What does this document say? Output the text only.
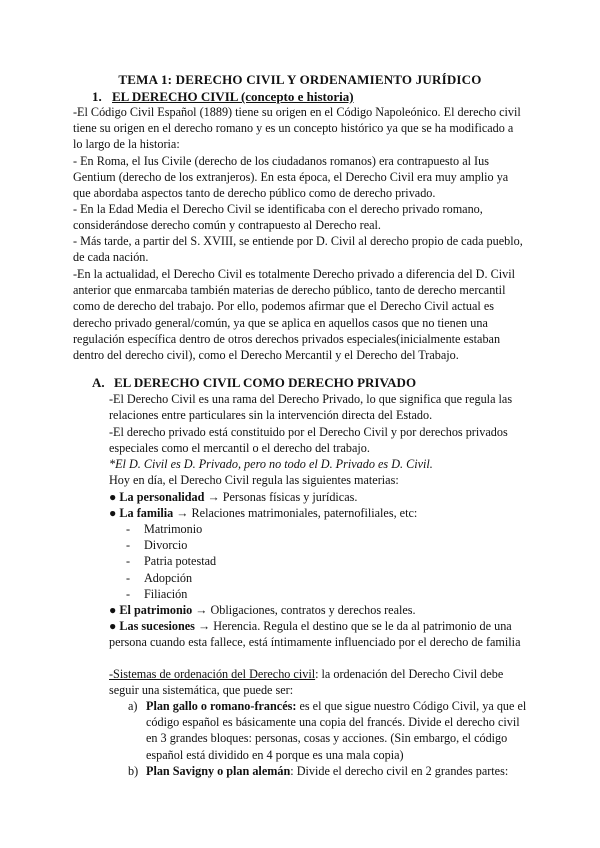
TEMA 1: DERECHO CIVIL Y ORDENAMIENTO JURÍDICO
1. EL DERECHO CIVIL (concepto e historia)
-El Código Civil Español (1889) tiene su origen en el Código Napoleónico. El derecho civil tiene su origen en el derecho romano y es un concepto histórico ya que se ha modificado a lo largo de la historia:
- En Roma, el Ius Civile (derecho de los ciudadanos romanos) era contrapuesto al Ius Gentium (derecho de los extranjeros). En esta época, el Derecho Civil era muy amplio ya que abordaba aspectos tanto de derecho público como de derecho privado.
- En la Edad Media el Derecho Civil se identificaba con el derecho privado romano, considerándose derecho común y contrapuesto al Derecho real.
- Más tarde, a partir del S. XVIII, se entiende por D. Civil al derecho propio de cada pueblo, de cada nación.
-En la actualidad, el Derecho Civil es totalmente Derecho privado a diferencia del D. Civil anterior que enmarcaba también materias de derecho público, tanto de derecho mercantil como de derecho del trabajo. Por ello, podemos afirmar que el Derecho Civil actual es derecho privado general/común, ya que se aplica en aquellos casos que no tienen una regulación específica dentro de otros derechos privados especiales(inicialmente estaban dentro del derecho civil), como el Derecho Mercantil y el Derecho del Trabajo.
A. EL DERECHO CIVIL COMO DERECHO PRIVADO
-El Derecho Civil es una rama del Derecho Privado, lo que significa que regula las relaciones entre particulares sin la intervención directa del Estado.
-El derecho privado está constituido por el Derecho Civil y por derechos privados especiales como el mercantil o el derecho del trabajo.
*El D. Civil es D. Privado, pero no todo el D. Privado es D. Civil.
Hoy en día, el Derecho Civil regula las siguientes materias:
● La personalidad → Personas físicas y jurídicas.
● La familia → Relaciones matrimoniales, paternofiliales, etc:
- Matrimonio
- Divorcio
- Patria potestad
- Adopción
- Filiación
● El patrimonio → Obligaciones, contratos y derechos reales.
● Las sucesiones → Herencia. Regula el destino que se le da al patrimonio de una persona cuando esta fallece, está íntimamente influenciado por el derecho de familia
-Sistemas de ordenación del Derecho civil: la ordenación del Derecho Civil debe seguir una sistemática, que puede ser:
a) Plan gallo o romano-francés: es el que sigue nuestro Código Civil, ya que el código español es básicamente una copia del francés. Divide el derecho civil en 3 grandes bloques: personas, cosas y acciones. (Sin embargo, el código español está dividido en 4 porque es una mala copia)
b) Plan Savigny o plan alemán: Divide el derecho civil en 2 grandes partes:
